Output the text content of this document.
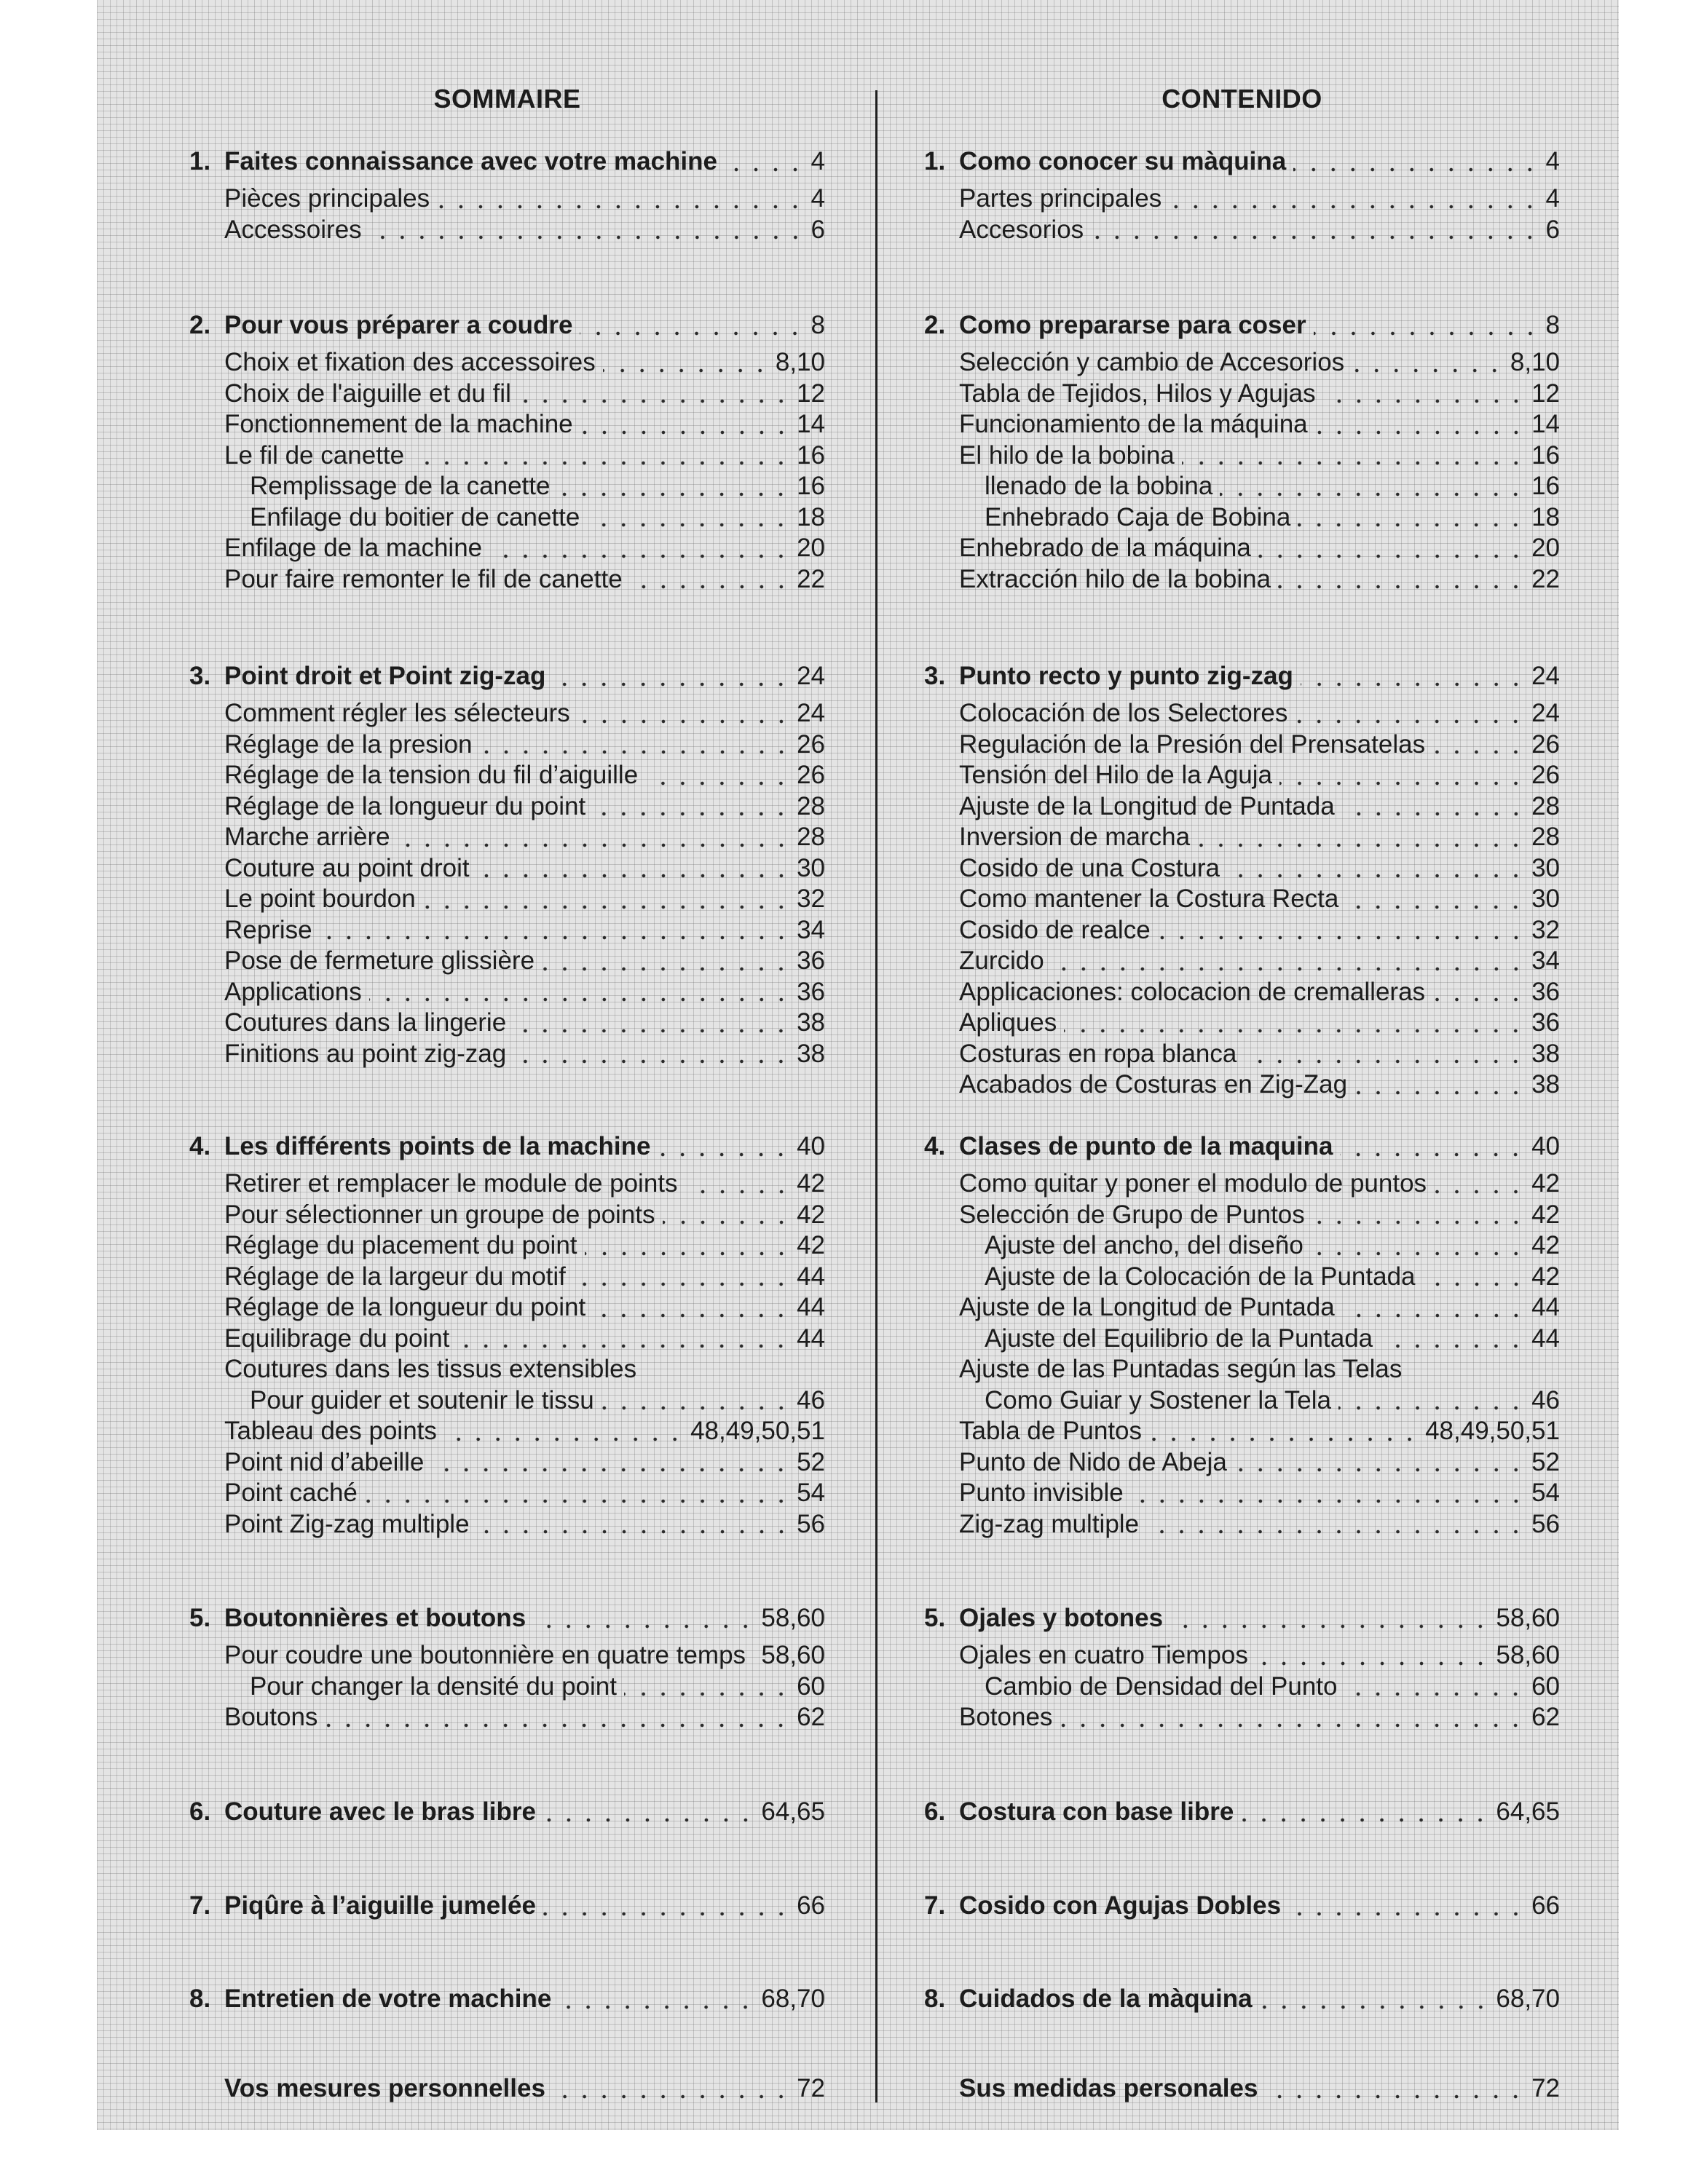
SOMMAIRE
1. Faites connaissance avec votre machine	4
Pièces principales	4
Accessoires	6
2. Pour vous préparer a coudre	8
Choix et fixation des accessoires	8,10
Choix de l'aiguille et du fil	12
Fonctionnement de la machine	14
Le fil de canette	16
Remplissage de la canette	16
Enfilage du boitier de canette	18
Enfilage de la machine	20
Pour faire remonter le fil de canette	22
3. Point droit et Point zig-zag	24
Comment régler les sélecteurs	24
Réglage de la presion	26
Réglage de la tension du fil d’aiguille	26
Réglage de la longueur du point	28
Marche arrière	28
Couture au point droit	30
Le point bourdon	32
Reprise	34
Pose de fermeture glissière	36
Applications	36
Coutures dans la lingerie	38
Finitions au point zig-zag	38
4. Les différents points de la machine	40
Retirer et remplacer le module de points	42
Pour sélectionner un groupe de points	42
Réglage du placement du point	42
Réglage de la largeur du motif	44
Réglage de la longueur du point	44
Equilibrage du point	44
Coutures dans les tissus extensibles
Pour guider et soutenir le tissu	46
Tableau des points	48,49,50,51
Point nid d’abeille	52
Point caché	54
Point Zig-zag multiple	56
5. Boutonnières et boutons	58,60
Pour coudre une boutonnière en quatre temps 58,60
Pour changer la densité du point	60
Boutons	62
6. Couture avec le bras libre	64,65
7. Piqûre à l’aiguille jumelée	66
8. Entretien de votre machine	68,70
Vos mesures personnelles	72
CONTENIDO
1. Como conocer su màquina	4
Partes principales	4
Accesorios	6
2. Como prepararse para coser	8
Selección y cambio de Accesorios	8,10
Tabla de Tejidos, Hilos y Agujas	12
Funcionamiento de la máquina	14
El hilo de la bobina	16
llenado de la bobina	16
Enhebrado Caja de Bobina	18
Enhebrado de la máquina	20
Extracción hilo de la bobina	22
3. Punto recto y punto zig-zag	24
Colocación de los Selectores	24
Regulación de la Presión del Prensatelas	26
Tensión del Hilo de la Aguja	26
Ajuste de la Longitud de Puntada	28
Inversion de marcha	28
Cosido de una Costura	30
Como mantener la Costura Recta	30
Cosido de realce	32
Zurcido	34
Applicaciones: colocacion de cremalleras	36
Apliques	36
Costuras en ropa blanca	38
Acabados de Costuras en Zig-Zag	38
4. Clases de punto de la maquina	40
Como quitar y poner el modulo de puntos	42
Selección de Grupo de Puntos	42
Ajuste del ancho, del diseño	42
Ajuste de la Colocación de la Puntada	42
Ajuste de la Longitud de Puntada	44
Ajuste del Equilibrio de la Puntada	44
Ajuste de las Puntadas según las Telas
Como Guiar y Sostener la Tela	46
Tabla de Puntos	48,49,50,51
Punto de Nido de Abeja	52
Punto invisible	54
Zig-zag multiple	56
5. Ojales y botones	58,60
Ojales en cuatro Tiempos	58,60
Cambio de Densidad del Punto	60
Botones	62
6. Costura con base libre	64,65
7. Cosido con Agujas Dobles	66
8. Cuidados de la màquina	68,70
Sus medidas personales	72
